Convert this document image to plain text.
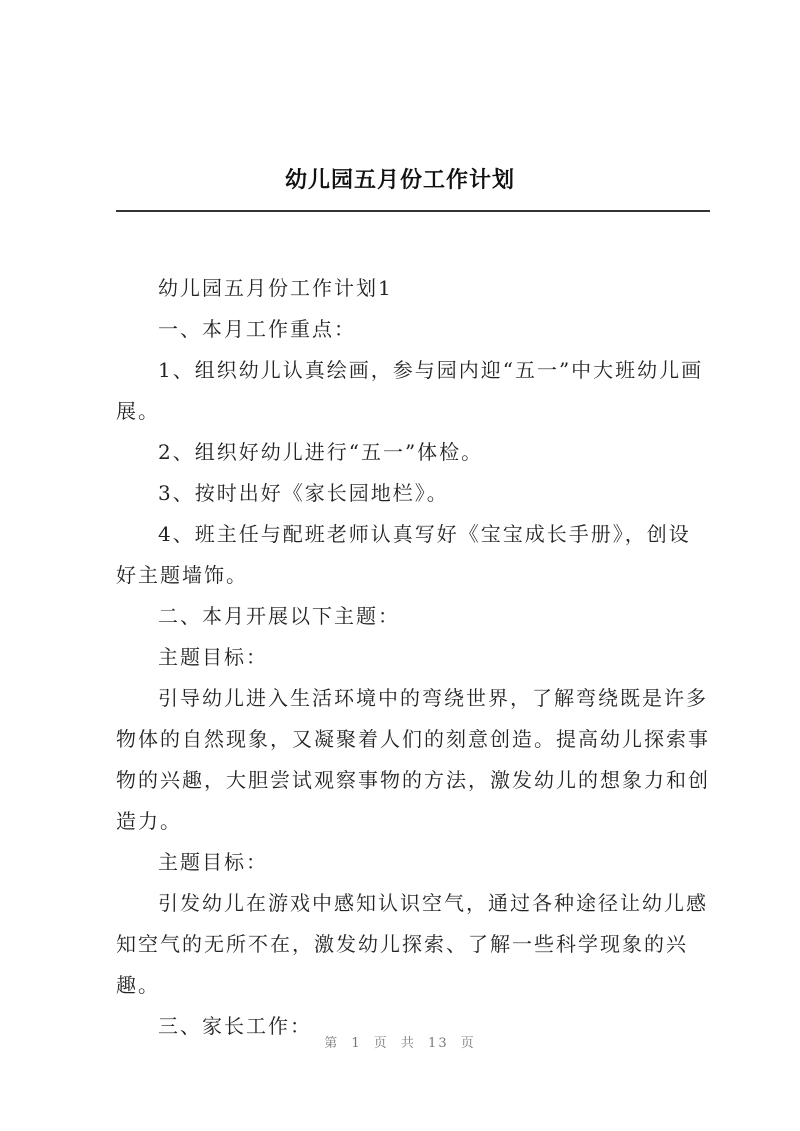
幼儿园五月份工作计划

幼儿园五月份工作计划1

一、本月工作重点：

1、组织幼儿认真绘画，参与园内迎“五一”中大班幼儿画展。

2、组织好幼儿进行“五一”体检。

3、按时出好《家长园地栏》。

4、班主任与配班老师认真写好《宝宝成长手册》，创设好主题墙饰。

二、本月开展以下主题：

主题目标：

引导幼儿进入生活环境中的弯绕世界，了解弯绕既是许多物体的自然现象，又凝聚着人们的刻意创造。提高幼儿探索事物的兴趣，大胆尝试观察事物的方法，激发幼儿的想象力和创造力。

主题目标：

引发幼儿在游戏中感知认识空气，通过各种途径让幼儿感知空气的无所不在，激发幼儿探索、了解一些科学现象的兴趣。

三、家长工作：

第 1 页 共 13 页
